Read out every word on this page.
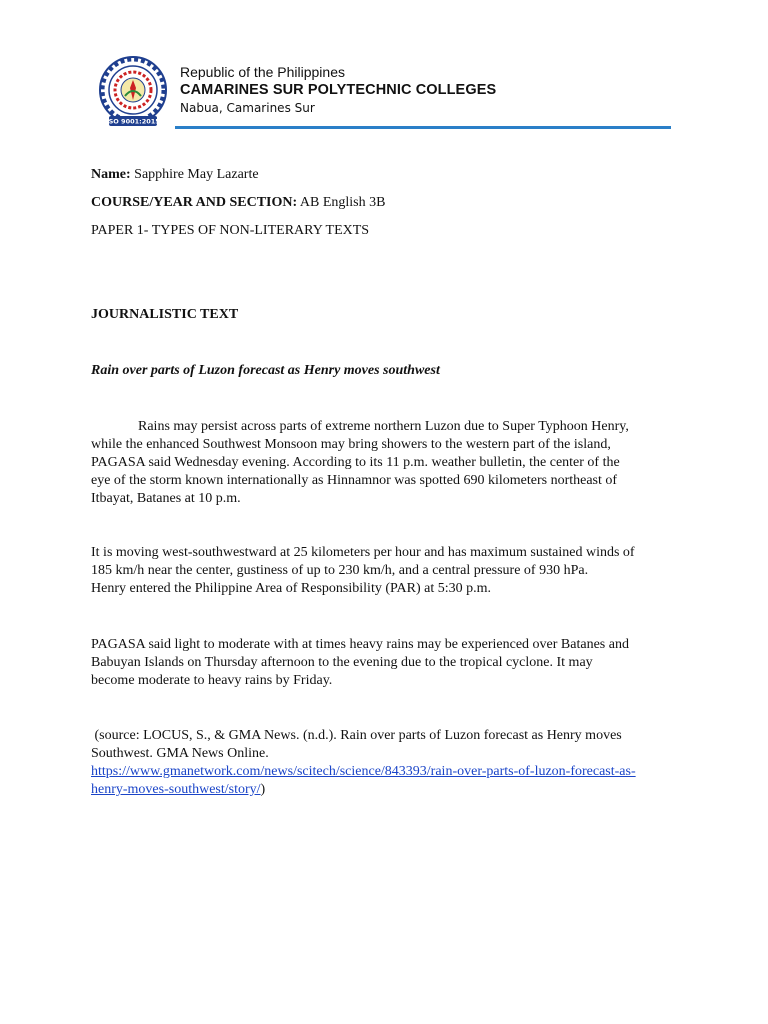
ISO 9001:2015
Republic of the Philippines
CAMARINES SUR POLYTECHNIC COLLEGES
Nabua, Camarines Sur
Name: Sapphire May Lazarte
COURSE/YEAR AND SECTION: AB English 3B
PAPER 1- TYPES OF NON-LITERARY TEXTS
JOURNALISTIC TEXT
Rain over parts of Luzon forecast as Henry moves southwest
Rains may persist across parts of extreme northern Luzon due to Super Typhoon Henry,
while the enhanced Southwest Monsoon may bring showers to the western part of the island,
PAGASA said Wednesday evening. According to its 11 p.m. weather bulletin, the center of the
eye of the storm known internationally as Hinnamnor was spotted 690 kilometers northeast of
Itbayat, Batanes at 10 p.m.
It is moving west-southwestward at 25 kilometers per hour and has maximum sustained winds of
185 km/h near the center, gustiness of up to 230 km/h, and a central pressure of 930 hPa.
Henry entered the Philippine Area of Responsibility (PAR) at 5:30 p.m.
PAGASA said light to moderate with at times heavy rains may be experienced over Batanes and
Babuyan Islands on Thursday afternoon to the evening due to the tropical cyclone. It may
become moderate to heavy rains by Friday.
(source: LOCUS, S., & GMA News. (n.d.). Rain over parts of Luzon forecast as Henry moves
Southwest. GMA News Online.
https://www.gmanetwork.com/news/scitech/science/843393/rain-over-parts-of-luzon-forecast-as-
henry-moves-southwest/story/)
